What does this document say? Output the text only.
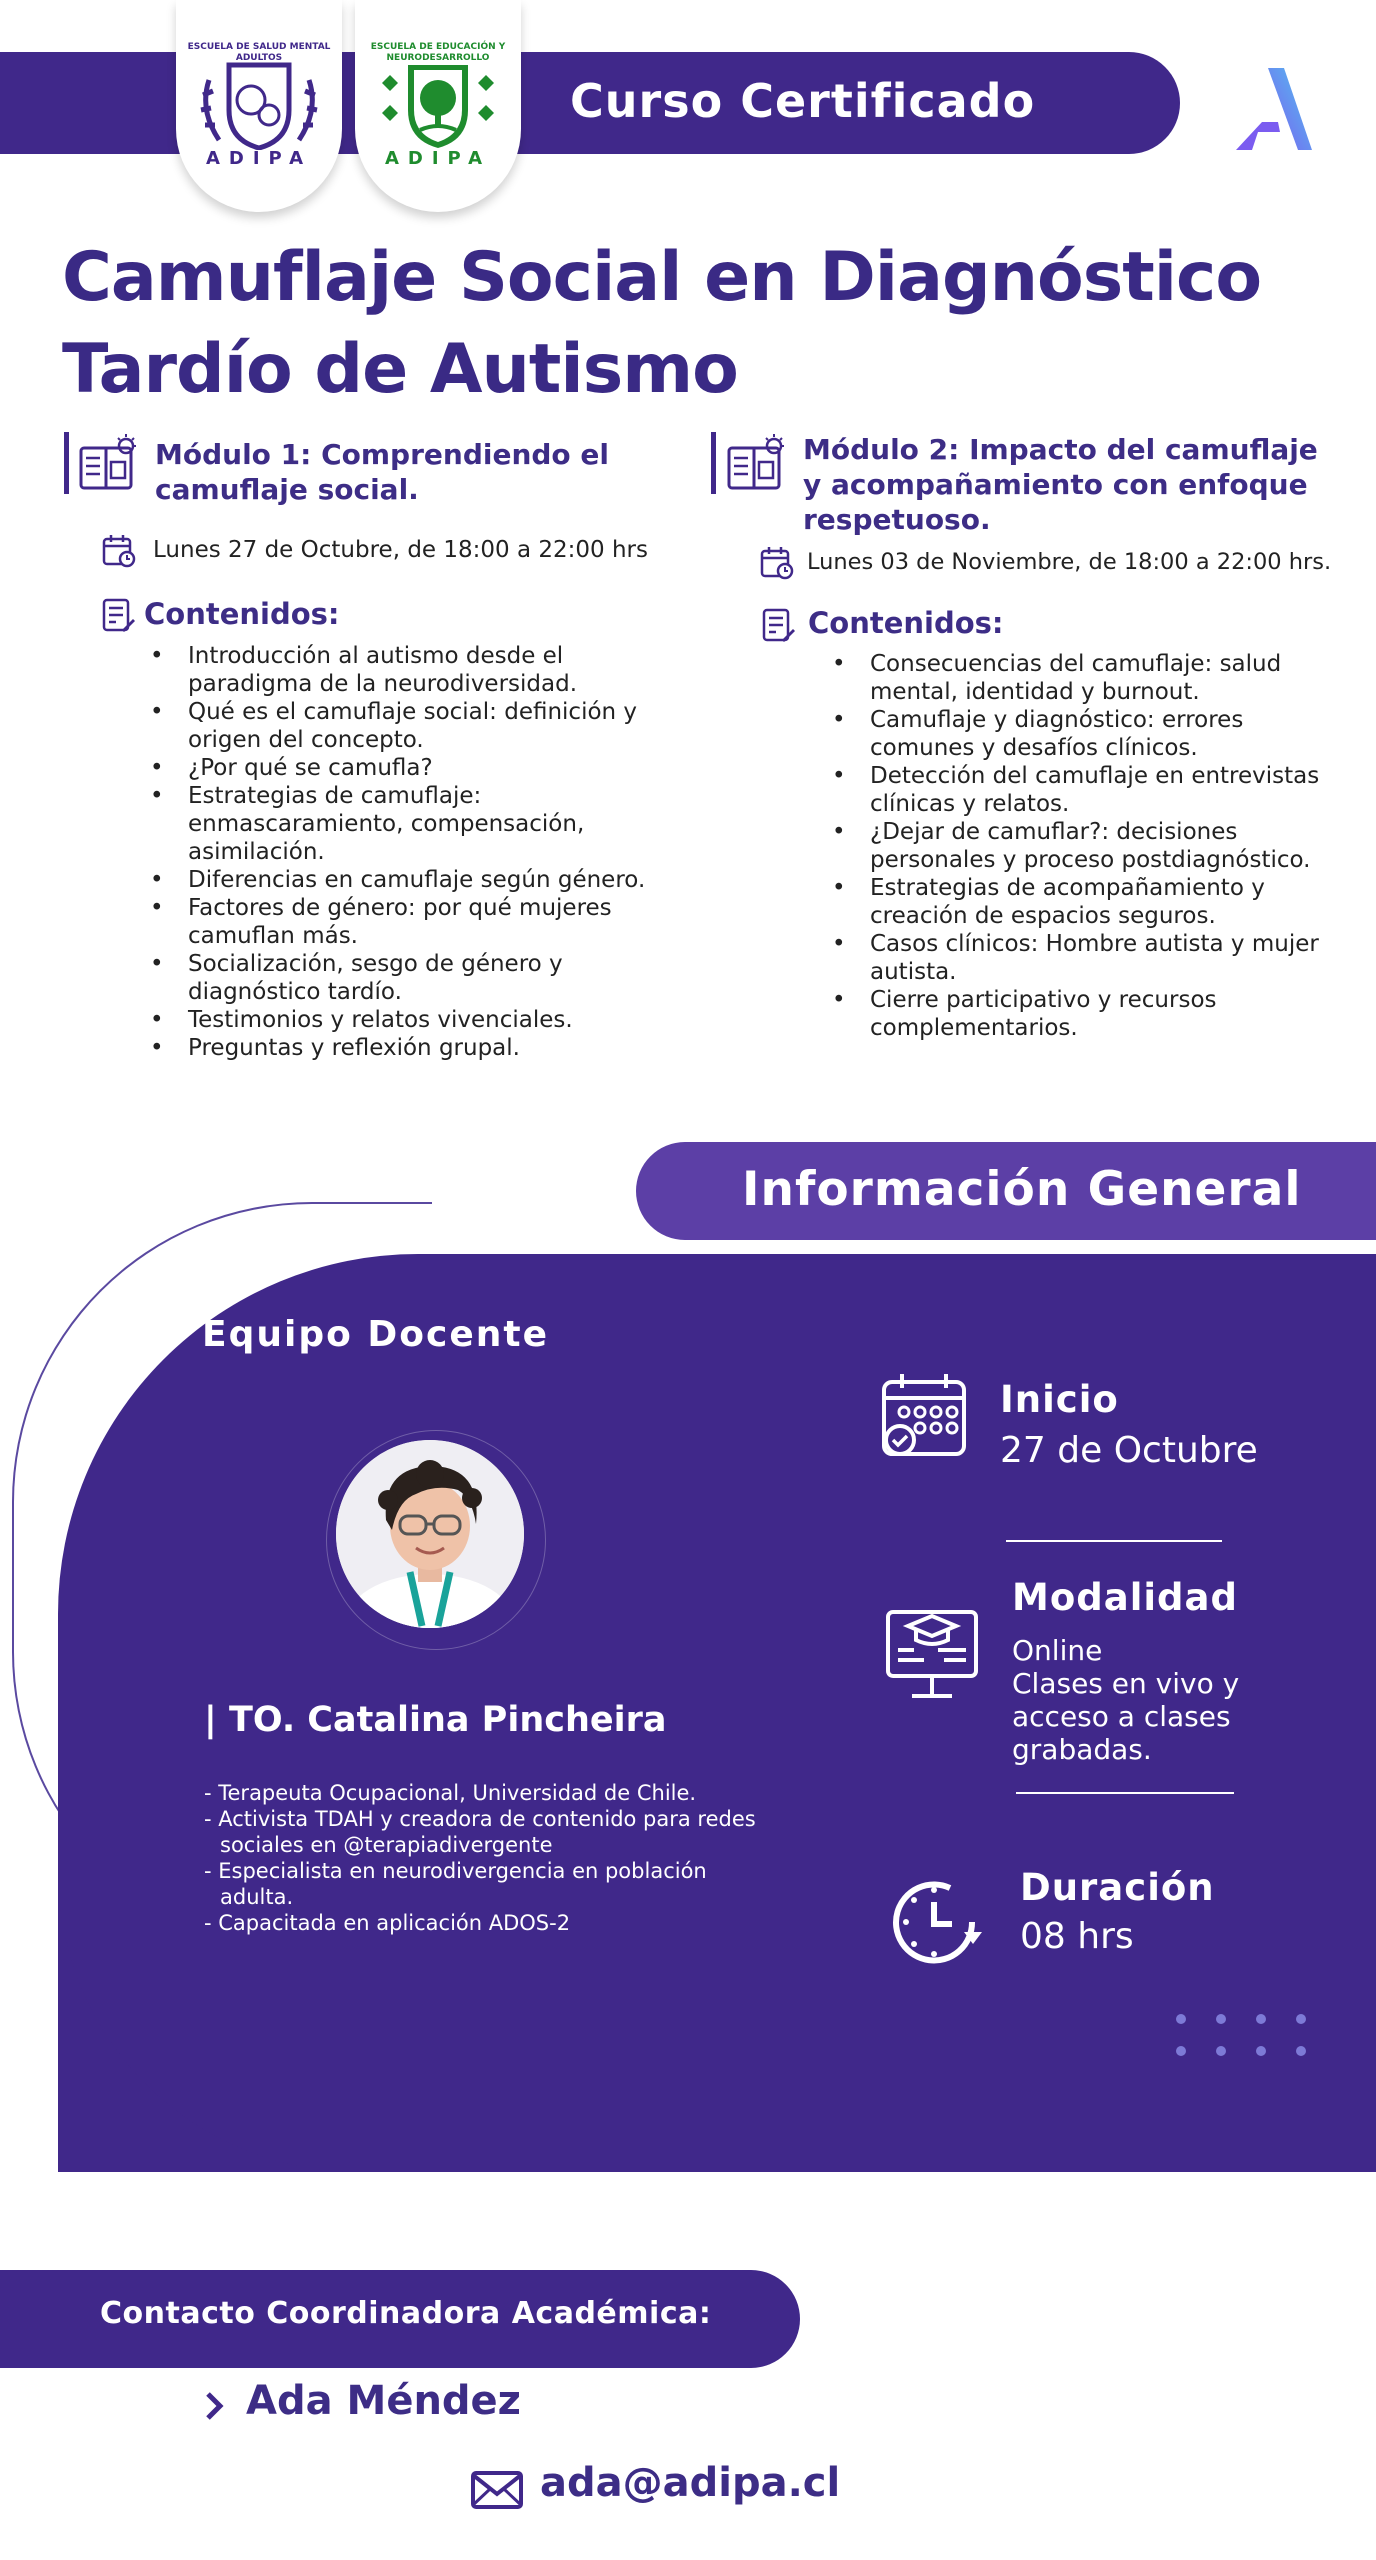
Curso Certificado
ESCUELA DE SALUD MENTAL ADULTOS
ADIPA
ESCUELA DE EDUCACIÓN Y NEURODESARROLLO
ADIPA
Camuflaje Social en Diagnóstico
Tardío de Autismo
Módulo 1: Comprendiendo el camuflaje social.
Lunes 27 de Octubre, de 18:00 a 22:00 hrs
Contenidos:
• Introducción al autismo desde el paradigma de la neurodiversidad.
• Qué es el camuflaje social: definición y origen del concepto.
• ¿Por qué se camufla?
• Estrategias de camuflaje: enmascaramiento, compensación, asimilación.
• Diferencias en camuflaje según género.
• Factores de género: por qué mujeres camuflan más.
• Socialización, sesgo de género y diagnóstico tardío.
• Testimonios y relatos vivenciales.
• Preguntas y reflexión grupal.
Módulo 2: Impacto del camuflaje y acompañamiento con enfoque respetuoso.
Lunes 03 de Noviembre, de 18:00 a 22:00 hrs.
Contenidos:
• Consecuencias del camuflaje: salud mental, identidad y burnout.
• Camuflaje y diagnóstico: errores comunes y desafíos clínicos.
• Detección del camuflaje en entrevistas clínicas y relatos.
• ¿Dejar de camuflar?: decisiones personales y proceso postdiagnóstico.
• Estrategias de acompañamiento y creación de espacios seguros.
• Casos clínicos: Hombre autista y mujer autista.
• Cierre participativo y recursos complementarios.
Información General
Equipo Docente
| TO. Catalina Pincheira
- Terapeuta Ocupacional, Universidad de Chile.
- Activista TDAH y creadora de contenido para redes sociales en @terapiadivergente
- Especialista en neurodivergencia en población adulta.
- Capacitada en aplicación ADOS-2
Inicio
27 de Octubre
Modalidad
Online
Clases en vivo y acceso a clases grabadas.
Duración
08 hrs
Contacto Coordinadora Académica:
Ada Méndez
ada@adipa.cl
